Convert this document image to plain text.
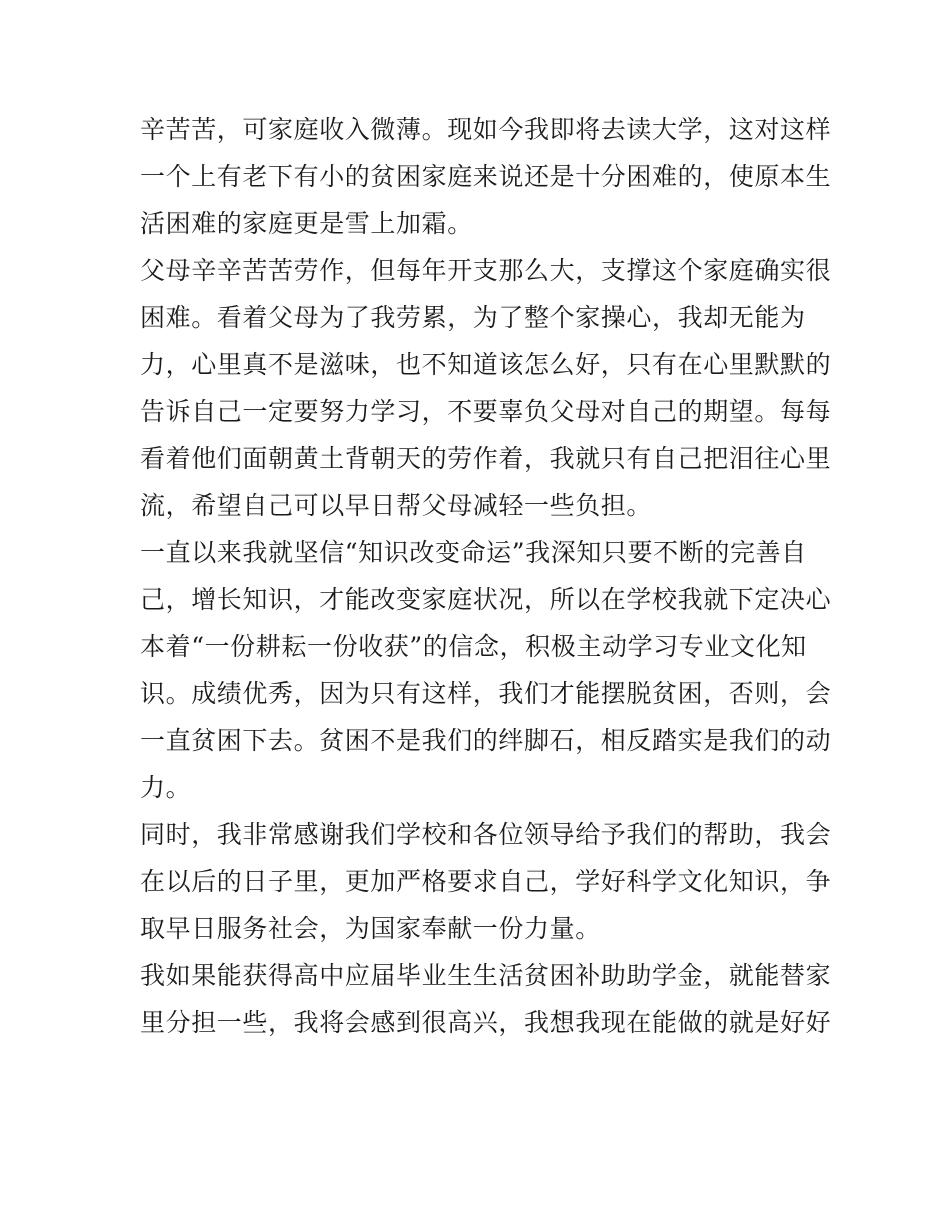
辛苦苦，可家庭收入微薄。现如今我即将去读大学，这对这样
一个上有老下有小的贫困家庭来说还是十分困难的，使原本生
活困难的家庭更是雪上加霜。
父母辛辛苦苦劳作，但每年开支那么大，支撑这个家庭确实很
困难。看着父母为了我劳累，为了整个家操心，我却无能为
力，心里真不是滋味，也不知道该怎么好，只有在心里默默的
告诉自己一定要努力学习，不要辜负父母对自己的期望。每每
看着他们面朝黄土背朝天的劳作着，我就只有自己把泪往心里
流，希望自己可以早日帮父母减轻一些负担。
一直以来我就坚信“知识改变命运”我深知只要不断的完善自
己，增长知识，才能改变家庭状况，所以在学校我就下定决心
本着“一份耕耘一份收获”的信念，积极主动学习专业文化知
识。成绩优秀，因为只有这样，我们才能摆脱贫困，否则，会
一直贫困下去。贫困不是我们的绊脚石，相反踏实是我们的动
力。
同时，我非常感谢我们学校和各位领导给予我们的帮助，我会
在以后的日子里，更加严格要求自己，学好科学文化知识，争
取早日服务社会，为国家奉献一份力量。
我如果能获得高中应届毕业生生活贫困补助助学金，就能替家
里分担一些，我将会感到很高兴，我想我现在能做的就是好好
